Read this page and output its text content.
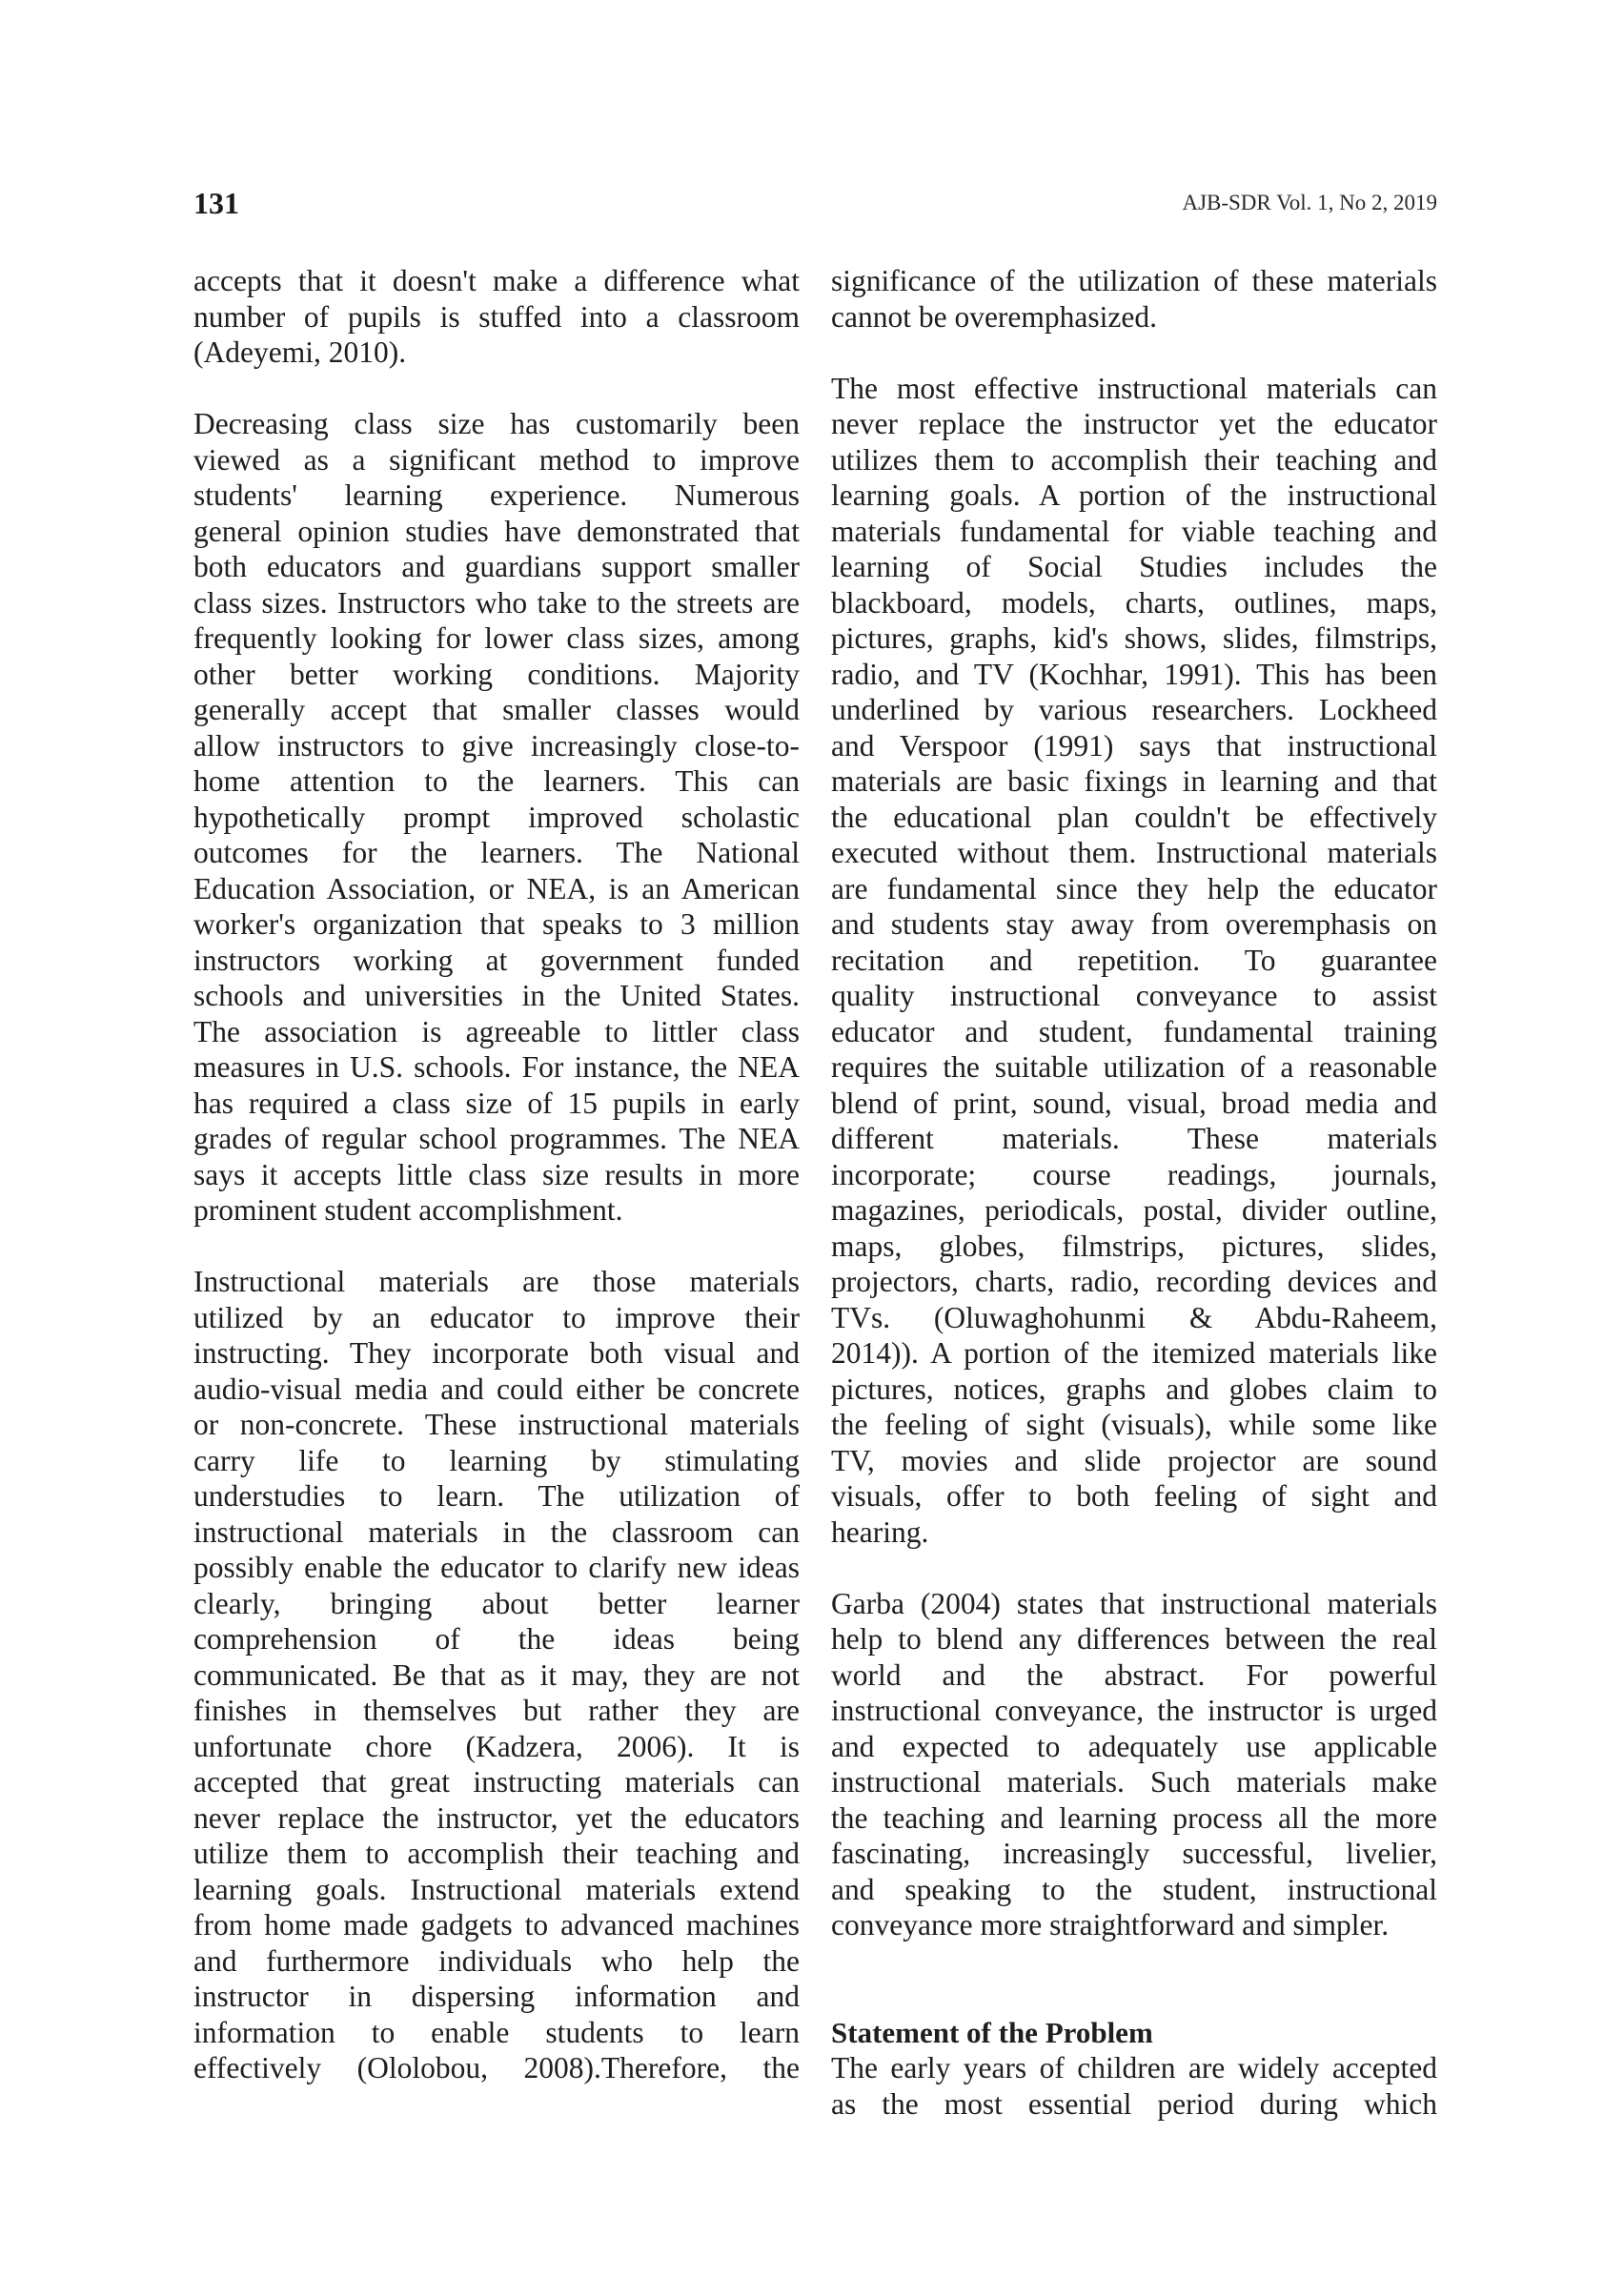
131	AJB-SDR Vol. 1, No 2, 2019
accepts that it doesn't make a difference what
number of pupils is stuffed into a classroom
(Adeyemi, 2010).
Decreasing class size has customarily been
viewed as a significant method to improve
students' learning experience. Numerous
general opinion studies have demonstrated that
both educators and guardians support smaller
class sizes. Instructors who take to the streets are
frequently looking for lower class sizes, among
other better working conditions. Majority
generally accept that smaller classes would
allow instructors to give increasingly close-to-
home attention to the learners. This can
hypothetically prompt improved scholastic
outcomes for the learners. The National
Education Association, or NEA, is an American
worker's organization that speaks to 3 million
instructors working at government funded
schools and universities in the United States.
The association is agreeable to littler class
measures in U.S. schools. For instance, the NEA
has required a class size of 15 pupils in early
grades of regular school programmes. The NEA
says it accepts little class size results in more
prominent student accomplishment.
Instructional materials are those materials
utilized by an educator to improve their
instructing. They incorporate both visual and
audio-visual media and could either be concrete
or non-concrete. These instructional materials
carry life to learning by stimulating
understudies to learn. The utilization of
instructional materials in the classroom can
possibly enable the educator to clarify new ideas
clearly, bringing about better learner
comprehension of the ideas being
communicated. Be that as it may, they are not
finishes in themselves but rather they are
unfortunate chore (Kadzera, 2006). It is
accepted that great instructing materials can
never replace the instructor, yet the educators
utilize them to accomplish their teaching and
learning goals. Instructional materials extend
from home made gadgets to advanced machines
and furthermore individuals who help the
instructor in dispersing information and
information to enable students to learn
effectively (Ololobou, 2008).Therefore, the
significance of the utilization of these materials
cannot be overemphasized.
The most effective instructional materials can
never replace the instructor yet the educator
utilizes them to accomplish their teaching and
learning goals. A portion of the instructional
materials fundamental for viable teaching and
learning of Social Studies includes the
blackboard, models, charts, outlines, maps,
pictures, graphs, kid's shows, slides, filmstrips,
radio, and TV (Kochhar, 1991). This has been
underlined by various researchers. Lockheed
and Verspoor (1991) says that instructional
materials are basic fixings in learning and that
the educational plan couldn't be effectively
executed without them. Instructional materials
are fundamental since they help the educator
and students stay away from overemphasis on
recitation and repetition. To guarantee
quality instructional conveyance to assist
educator and student, fundamental training
requires the suitable utilization of a reasonable
blend of print, sound, visual, broad media and
different materials. These materials
incorporate; course readings, journals,
magazines, periodicals, postal, divider outline,
maps, globes, filmstrips, pictures, slides,
projectors, charts, radio, recording devices and
TVs. (Oluwaghohunmi & Abdu-Raheem,
2014)). A portion of the itemized materials like
pictures, notices, graphs and globes claim to
the feeling of sight (visuals), while some like
TV, movies and slide projector are sound
visuals, offer to both feeling of sight and
hearing.
Garba (2004) states that instructional materials
help to blend any differences between the real
world and the abstract. For powerful
instructional conveyance, the instructor is urged
and expected to adequately use applicable
instructional materials. Such materials make
the teaching and learning process all the more
fascinating, increasingly successful, livelier,
and speaking to the student, instructional
conveyance more straightforward and simpler.
Statement of the Problem
The early years of children are widely accepted
as the most essential period during which
